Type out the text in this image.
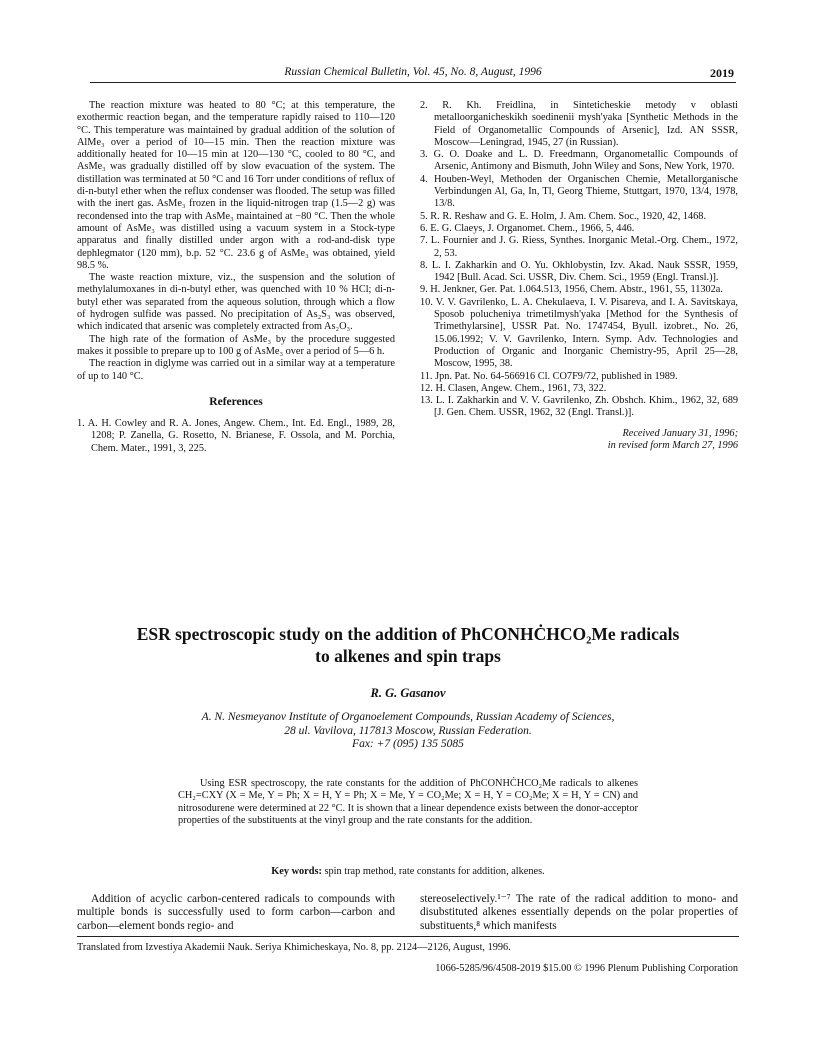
Russian Chemical Bulletin, Vol. 45, No. 8, August, 1996	2019

The reaction mixture was heated to 80 °C; at this temperature, the exothermic reaction began, and the temperature rapidly raised to 110—120 °C. This temperature was maintained by gradual addition of the solution of AlMe₃ over a period of 10—15 min. Then the reaction mixture was additionally heated for 10—15 min at 120—130 °C, cooled to 80 °C, and AsMe₃ was gradually distilled off by slow evacuation of the system. The distillation was terminated at 50 °C and 16 Torr under conditions of reflux of di-n-butyl ether when the reflux condenser was flooded. The setup was filled with the inert gas. AsMe₃ frozen in the liquid-nitrogen trap (1.5—2 g) was recondensed into the trap with AsMe₃ maintained at −80 °C. Then the whole amount of AsMe₃ was distilled using a vacuum system in a Stock-type apparatus and finally distilled under argon with a rod-and-disk type dephlegmator (120 mm), b.p. 52 °C. 23.6 g of AsMe₃ was obtained, yield 98.5 %.

The waste reaction mixture, viz., the suspension and the solution of methylalumoxanes in di-n-butyl ether, was quenched with 10 % HCl; di-n-butyl ether was separated from the aqueous solution, through which a flow of hydrogen sulfide was passed. No precipitation of As₂S₃ was observed, which indicated that arsenic was completely extracted from As₂O₃.

The high rate of the formation of AsMe₃ by the procedure suggested makes it possible to prepare up to 100 g of AsMe₃ over a period of 5—6 h.

The reaction in diglyme was carried out in a similar way at a temperature of up to 140 °C.

References

1. A. H. Cowley and R. A. Jones, Angew. Chem., Int. Ed. Engl., 1989, 28, 1208; P. Zanella, G. Rosetto, N. Brianese, F. Ossola, and M. Porchia, Chem. Mater., 1991, 3, 225.

2. R. Kh. Freidlina, in Sinteticheskie metody v oblasti metalloorganicheskikh soedinenii mysh'yaka [Synthetic Methods in the Field of Organometallic Compounds of Arsenic], Izd. AN SSSR, Moscow—Leningrad, 1945, 27 (in Russian).

3. G. O. Doake and L. D. Freedmann, Organometallic Compounds of Arsenic, Antimony and Bismuth, John Wiley and Sons, New York, 1970.

4. Houben-Weyl, Methoden der Organischen Chemie, Metallorganische Verbindungen Al, Ga, In, Tl, Georg Thieme, Stuttgart, 1970, 13/4, 1978, 13/8.

5. R. R. Reshaw and G. E. Holm, J. Am. Chem. Soc., 1920, 42, 1468.

6. E. G. Claeys, J. Organomet. Chem., 1966, 5, 446.

7. L. Fournier and J. G. Riess, Synthes. Inorganic Metal.-Org. Chem., 1972, 2, 53.

8. L. I. Zakharkin and O. Yu. Okhlobystin, Izv. Akad. Nauk SSSR, 1959, 1942 [Bull. Acad. Sci. USSR, Div. Chem. Sci., 1959 (Engl. Transl.)].

9. H. Jenkner, Ger. Pat. 1.064.513, 1956, Chem. Abstr., 1961, 55, 11302a.

10. V. V. Gavrilenko, L. A. Chekulaeva, I. V. Pisareva, and I. A. Savitskaya, Sposob polucheniya trimetilmysh'yaka [Method for the Synthesis of Trimethylarsine], USSR Pat. No. 1747454, Byull. izobret., No. 26, 15.06.1992; V. V. Gavrilenko, Intern. Symp. Adv. Technologies and Production of Organic and Inorganic Chemistry-95, April 25—28, Moscow, 1995, 38.

11. Jpn. Pat. No. 64-566916 Cl. CO7F9/72, published in 1989.

12. H. Clasen, Angew. Chem., 1961, 73, 322.

13. L. I. Zakharkin and V. V. Gavrilenko, Zh. Obshch. Khim., 1962, 32, 689 [J. Gen. Chem. USSR, 1962, 32 (Engl. Transl.)].

Received January 31, 1996;
in revised form March 27, 1996
ESR spectroscopic study on the addition of PhCONHĊHCO₂Me radicals
to alkenes and spin traps
R. G. Gasanov
A. N. Nesmeyanov Institute of Organoelement Compounds, Russian Academy of Sciences,
28 ul. Vavilova, 117813 Moscow, Russian Federation.
Fax: +7 (095) 135 5085
Using ESR spectroscopy, the rate constants for the addition of PhCONHĊHCO₂Me radicals to alkenes CH₂=CXY (X = Me, Y = Ph; X = H, Y = Ph; X = Me, Y = CO₂Me; X = H, Y = CO₂Me; X = H, Y = CN) and nitrosodurene were determined at 22 °C. It is shown that a linear dependence exists between the donor-acceptor properties of the substituents at the vinyl group and the rate constants for the addition.
Key words: spin trap method, rate constants for addition, alkenes.
Addition of acyclic carbon-centered radicals to compounds with multiple bonds is successfully used to form carbon—carbon and carbon—element bonds regio- and
stereoselectively.¹⁻⁷ The rate of the radical addition to mono- and disubstituted alkenes essentially depends on the polar properties of substituents,⁸ which manifests
Translated from Izvestiya Akademii Nauk. Seriya Khimicheskaya, No. 8, pp. 2124—2126, August, 1996.
1066-5285/96/4508-2019 $15.00 © 1996 Plenum Publishing Corporation
